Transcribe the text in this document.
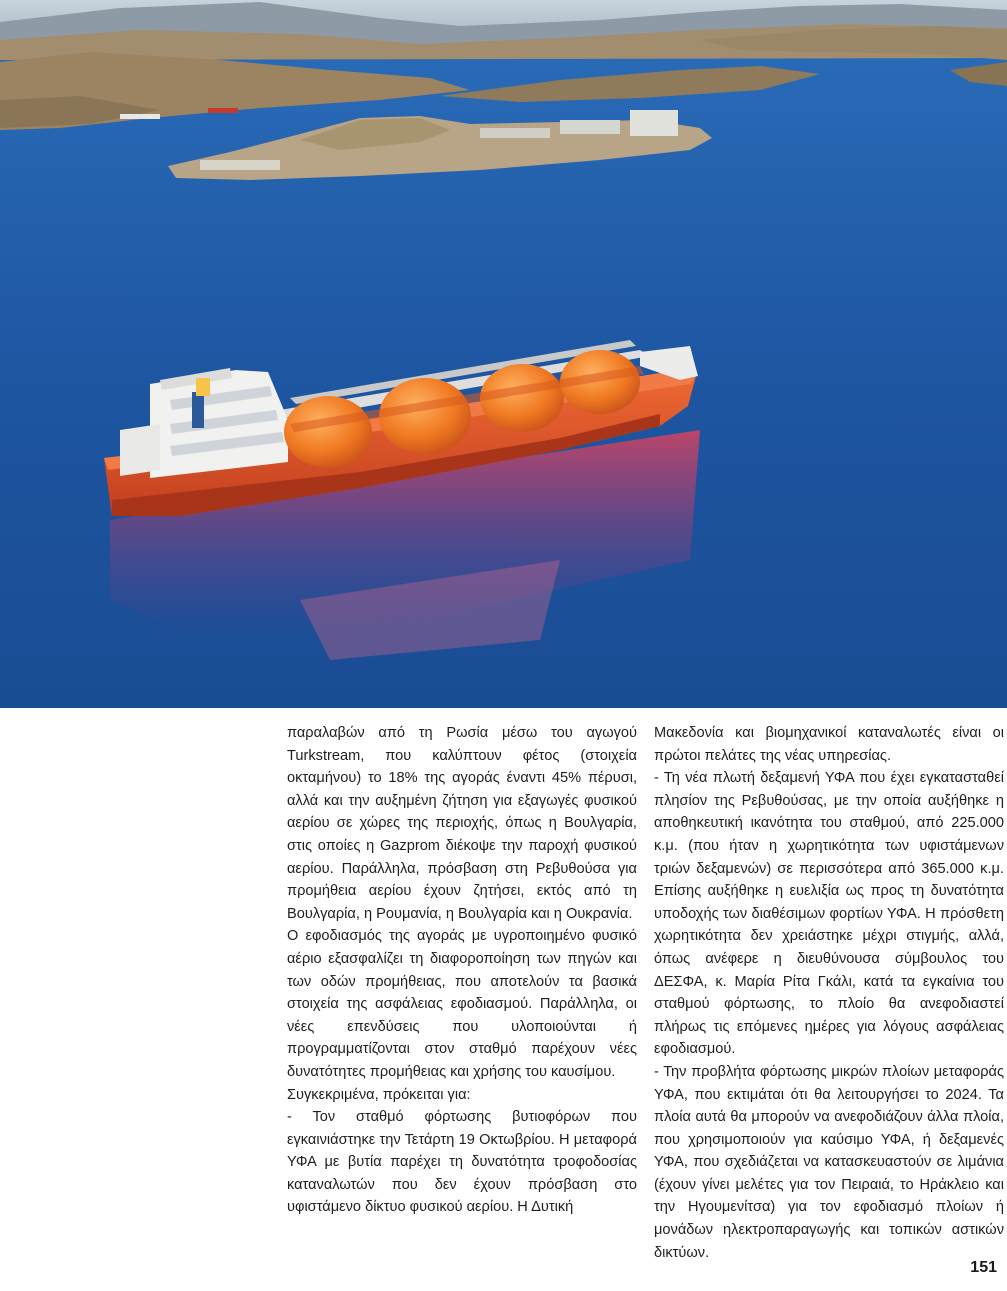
παραλαβών από τη Ρωσία μέσω του αγωγού Turkstream, που καλύπτουν φέτος (στοιχεία οκταμήνου) το 18% της αγοράς έναντι 45% πέρυσι, αλλά και την αυξημένη ζήτηση για εξαγωγές φυσικού αερίου σε χώρες της περιοχής, όπως η Βουλγαρία, στις οποίες η Gazprom διέκοψε την παροχή φυσικού αερίου. Παράλληλα, πρόσβαση στη Ρεβυθούσα για προμήθεια αερίου έχουν ζητήσει, εκτός από τη Βουλγαρία, η Ρουμανία, η Βουλγαρία και η Ουκρανία.

Ο εφοδιασμός της αγοράς με υγροποιημένο φυσικό αέριο εξασφαλίζει τη διαφοροποίηση των πηγών και των οδών προμήθειας, που αποτελούν τα βασικά στοιχεία της ασφάλειας εφοδιασμού. Παράλληλα, οι νέες επενδύσεις που υλοποιούνται ή προγραμματίζονται στον σταθμό παρέχουν νέες δυνατότητες προμήθειας και χρήσης του καυσίμου.

Συγκεκριμένα, πρόκειται για:

- Τον σταθμό φόρτωσης βυτιοφόρων που εγκαινιάστηκε την Τετάρτη 19 Οκτωβρίου. Η μεταφορά ΥΦΑ με βυτία παρέχει τη δυνατότητα τροφοδοσίας καταναλωτών που δεν έχουν πρόσβαση στο υφιστάμενο δίκτυο φυσικού αερίου. Η Δυτική

Μακεδονία και βιομηχανικοί καταναλωτές είναι οι πρώτοι πελάτες της νέας υπηρεσίας.

- Τη νέα πλωτή δεξαμενή ΥΦΑ που έχει εγκατασταθεί πλησίον της Ρεβυθούσας, με την οποία αυξήθηκε η αποθηκευτική ικανότητα του σταθμού, από 225.000 κ.μ. (που ήταν η χωρητικότητα των υφιστάμενων τριών δεξαμενών) σε περισσότερα από 365.000 κ.μ. Επίσης αυξήθηκε η ευελιξία ως προς τη δυνατότητα υποδοχής των διαθέσιμων φορτίων ΥΦΑ. Η πρόσθετη χωρητικότητα δεν χρειάστηκε μέχρι στιγμής, αλλά, όπως ανέφερε η διευθύνουσα σύμβουλος του ΔΕΣΦΑ, κ. Μαρία Ρίτα Γκάλι, κατά τα εγκαίνια του σταθμού φόρτωσης, το πλοίο θα ανεφοδιαστεί πλήρως τις επόμενες ημέρες για λόγους ασφάλειας εφοδιασμού.

- Την προβλήτα φόρτωσης μικρών πλοίων μεταφοράς ΥΦΑ, που εκτιμάται ότι θα λειτουργήσει το 2024. Τα πλοία αυτά θα μπορούν να ανεφοδιάζουν άλλα πλοία, που χρησιμοποιούν για καύσιμο ΥΦΑ, ή δεξαμενές ΥΦΑ, που σχεδιάζεται να κατασκευαστούν σε λιμάνια (έχουν γίνει μελέτες για τον Πειραιά, το Ηράκλειο και την Ηγουμενίτσα) για τον εφοδιασμό πλοίων ή μονάδων ηλεκτροπαραγωγής και τοπικών αστικών δικτύων.

151
